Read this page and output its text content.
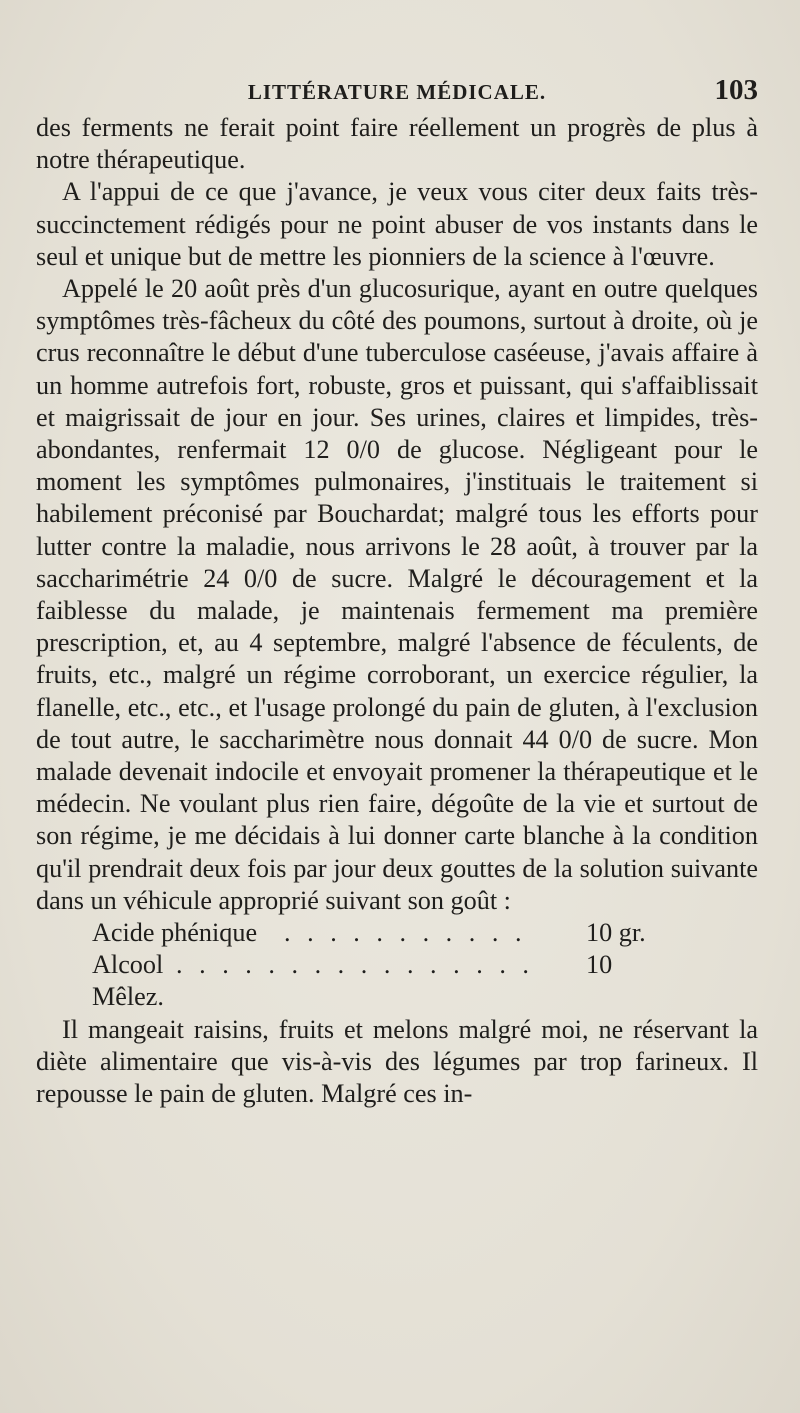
LITTÉRATURE MÉDICALE.	103

des ferments ne ferait point faire réellement un progrès de plus à notre thérapeutique.

A l'appui de ce que j'avance, je veux vous citer deux faits très-succinctement rédigés pour ne point abuser de vos instants dans le seul et unique but de mettre les pionniers de la science à l'œuvre.

Appelé le 20 août près d'un glucosurique, ayant en outre quelques symptômes très-fâcheux du côté des poumons, surtout à droite, où je crus reconnaître le début d'une tuberculose caséeuse, j'avais affaire à un homme autrefois fort, robuste, gros et puissant, qui s'affaiblissait et maigrissait de jour en jour. Ses urines, claires et limpides, très-abondantes, renfermait 12 0/0 de glucose. Négligeant pour le moment les symptômes pulmonaires, j'instituais le traitement si habilement préconisé par Bouchardat; malgré tous les efforts pour lutter contre la maladie, nous arrivons le 28 août, à trouver par la saccharimétrie 24 0/0 de sucre. Malgré le découragement et la faiblesse du malade, je maintenais fermement ma première prescription, et, au 4 septembre, malgré l'absence de féculents, de fruits, etc., malgré un régime corroborant, un exercice régulier, la flanelle, etc., etc., et l'usage prolongé du pain de gluten, à l'exclusion de tout autre, le saccharimètre nous donnait 44 0/0 de sucre. Mon malade devenait indocile et envoyait promener la thérapeutique et le médecin. Ne voulant plus rien faire, dégoûte de la vie et surtout de son régime, je me décidais à lui donner carte blanche à la condition qu'il prendrait deux fois par jour deux gouttes de la solution suivante dans un véhicule approprié suivant son goût :

Acide phénique . . . . . . . . . . . 10 gr.
Alcool . . . . . . . . . . . . . . . . 10
Mêlez.

Il mangeait raisins, fruits et melons malgré moi, ne réservant la diète alimentaire que vis-à-vis des légumes par trop farineux. Il repousse le pain de gluten. Malgré ces in-
